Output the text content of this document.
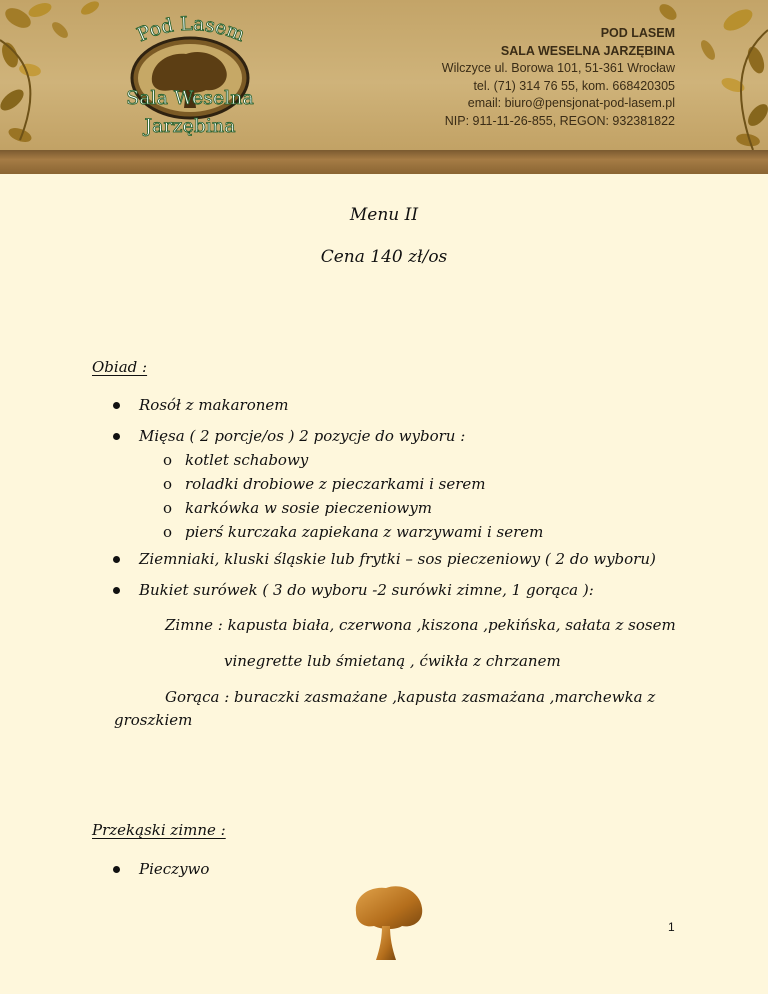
Pod Lasem
Sala Weselna
Jarzębina
POD LASEM
SALA WESELNA JARZĘBINA
Wilczyce ul. Borowa 101, 51-361 Wrocław
tel. (71) 314 76 55, kom. 668420305
email: biuro@pensjonat-pod-lasem.pl
NIP: 911-11-26-855, REGON: 932381822
Menu II
Cena 140 zł/os
Obiad :
Rosół z makaronem
Mięsa ( 2 porcje/os ) 2 pozycje do wyboru :
o kotlet schabowy
o roladki drobiowe z pieczarkami i serem
o karkówka w sosie pieczeniowym
o pierś kurczaka zapiekana z warzywami i serem
Ziemniaki, kluski śląskie lub frytki – sos pieczeniowy ( 2 do wyboru)
Bukiet surówek ( 3 do wyboru -2 surówki zimne, 1 gorąca ):
Zimne : kapusta biała, czerwona ,kiszona ,pekińska, sałata z sosem
vinegrette lub śmietaną , ćwikła z chrzanem
Gorąca : buraczki zasmażane ,kapusta zasmażana ,marchewka z
groszkiem
Przekąski zimne :
Pieczywo
1
